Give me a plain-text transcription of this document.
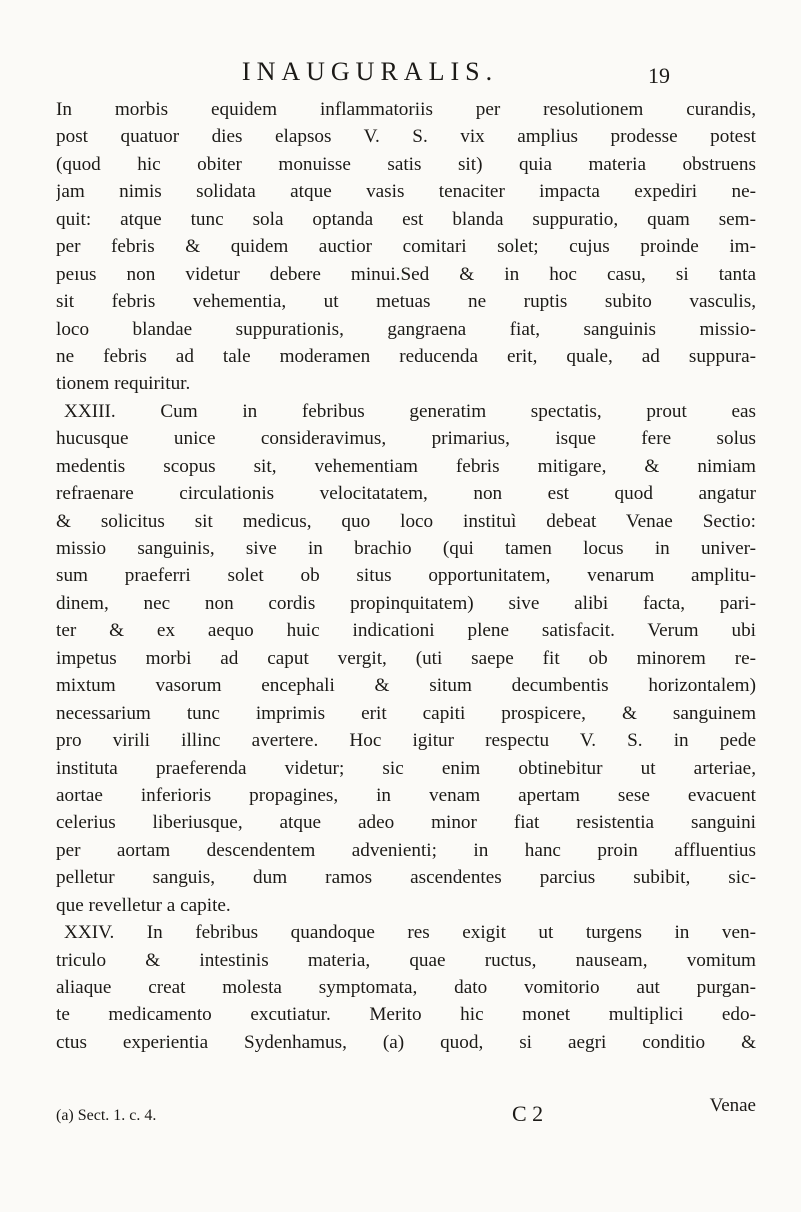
INAUGURALIS.	19
In morbis equidem inflammatoriis per resolutionem curandis,
post quatuor dies elapsos V. S. vix amplius prodesse potest
(quod hic obiter monuisse satis sit) quia materia obstruens
jam nimis solidata atque vasis tenaciter impacta expediri ne-
quit: atque tunc sola optanda est blanda suppuratio, quam sem-
per febris & quidem auctior comitari solet; cujus proinde im-
peıus non videtur debere minui.Sed & in hoc casu, si tanta
sit febris vehementia, ut metuas ne ruptis subito vasculis,
loco blandae suppurationis, gangraena fiat, sanguinis missio-
ne febris ad tale moderamen reducenda erit, quale, ad suppura-
tionem requiritur.
XXIII. Cum in febribus generatim spectatis, prout eas
hucusque unice consideravimus, primarius, isque fere solus
medentis scopus sit, vehementiam febris mitigare, & nimiam
refraenare circulationis velocitatatem, non est quod angatur
& solicitus sit medicus, quo loco instituì debeat Venae Sectio:
missio sanguinis, sive in brachio (qui tamen locus in univer-
sum praeferri solet ob situs opportunitatem, venarum amplitu-
dinem, nec non cordis propinquitatem) sive alibi facta, pari-
ter & ex aequo huic indicationi plene satisfacit. Verum ubi
impetus morbi ad caput vergit, (uti saepe fit ob minorem re-
mixtum vasorum encephali & situm decumbentis horizontalem)
necessarium tunc imprimis erit capiti prospicere, & sanguinem
pro virili illinc avertere. Hoc igitur respectu V. S. in pede
instituta praeferenda videtur; sic enim obtinebitur ut arteriae,
aortae inferioris propagines, in venam apertam sese evacuent
celerius liberiusque, atque adeo minor fiat resistentia sanguini
per aortam descendentem advenienti; in hanc proin affluentius
pelletur sanguis, dum ramos ascendentes parcius subibit, sic-
que revelletur a capite.
XXIV. In febribus quandoque res exigit ut turgens in ven-
triculo & intestinis materia, quae ructus, nauseam, vomitum
aliaque creat molesta symptomata, dato vomitorio aut purgan-
te medicamento excutiatur. Merito hic monet multiplici edo-
ctus experientia Sydenhamus, (a) quod, si aegri conditio &
(a) Sect. 1. c. 4.	C 2	Venae
